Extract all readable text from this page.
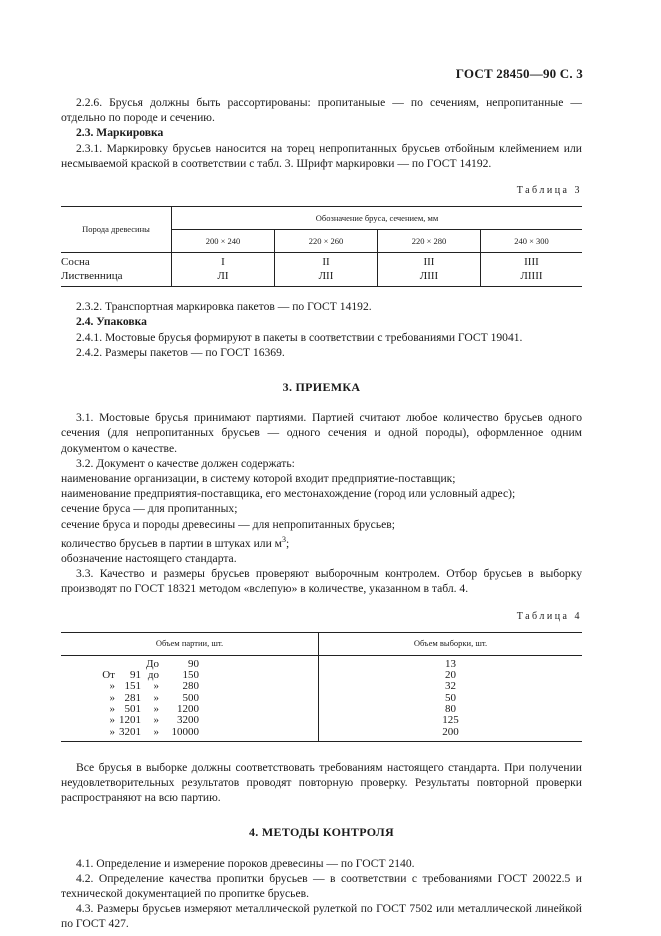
ГОСТ 28450—90 С. 3

2.2.6. Брусья должны быть рассортированы: пропитаныые — по сечениям, непропитанные — отдельно по породе и сечению.

2.3. Маркировка

2.3.1. Маркировку брусьев наносится на торец непропитанных брусьев отбойным клеймением или несмываемой краской в соответствии с табл. 3. Шрифт маркировки — по ГОСТ 14192.

Таблица 3
Порода древесины	Обозначение бруса, сечением, мм			
	200 × 240	220 × 260	220 × 280	240 × 300
Сосна	I	II	III	IIII
Лиственница	ЛI	ЛII	ЛIII	ЛIIII

2.3.2. Транспортная маркировка пакетов — по ГОСТ 14192.

2.4. Упаковка

2.4.1. Мостовые брусья формируют в пакеты в соответствии с требованиями ГОСТ 19041.

2.4.2. Размеры пакетов — по ГОСТ 16369.

3. ПРИЕМКА

3.1. Мостовые брусья принимают партиями. Партией считают любое количество брусьев одного сечения (для непропитанных брусьев — одного сечения и одной породы), оформленное одним документом о качестве.

3.2. Документ о качестве должен содержать:

наименование организации, в систему которой входит предприятие-поставщик;

наименование предприятия-поставщика, его местонахождение (город или условный адрес);

сечение бруса — для пропитанных;

сечение бруса и породы древесины — для непропитанных брусьев;

количество брусьев в партии в штуках или $м^3$;

обозначение настоящего стандарта.

3.3. Качество и размеры брусьев проверяют выборочным контролем. Отбор брусьев в выборку производят по ГОСТ 18321 методом «вслепую» в количестве, указанном в табл. 4.

Таблица 4
Объем партии, шт.	Объем выборки, шт.
До 90	13
От 91 до 150	20
» 151 » 280	32
» 281 » 500	50
» 501 » 1200	80
» 1201 » 3200	125
» 3201 » 10000	200

Все брусья в выборке должны соответствовать требованиям настоящего стандарта. При получении неудовлетворительных результатов проводят повторную проверку. Результаты повторной проверки распространяют на всю партию.

4. МЕТОДЫ КОНТРОЛЯ

4.1. Определение и измерение пороков древесины — по ГОСТ 2140.

4.2. Определение качества пропитки брусьев — в соответствии с требованиями ГОСТ 20022.5 и технической документацией по пропитке брусьев.

4.3. Размеры брусьев измеряют металлической рулеткой по ГОСТ 7502 или металлической линейкой по ГОСТ 427.
